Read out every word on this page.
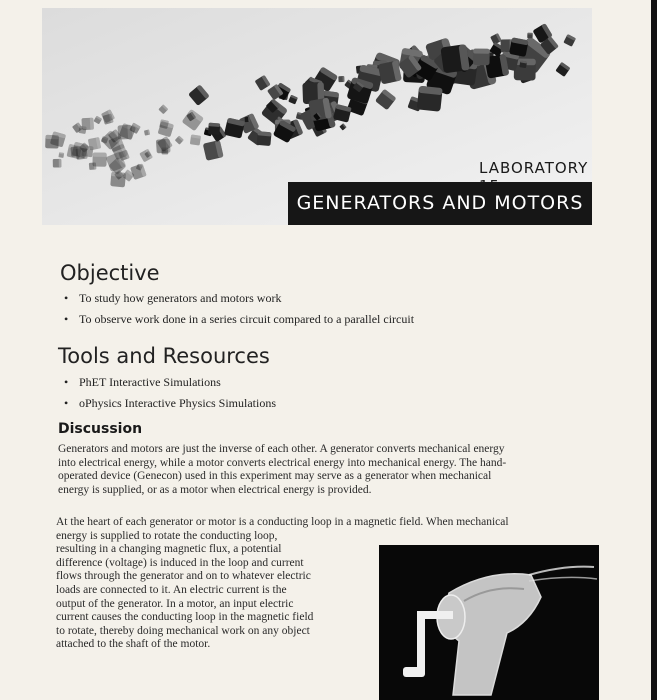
LABORATORY
GENERATORS AND MOTORS
Objective
• To study how generators and motors work
• To observe work done in a series circuit compared to a parallel circuit
Tools and Resources
• PhET Interactive Simulations
• oPhysics Interactive Physics Simulations
Discussion
Generators and motors are just the inverse of each other. A generator converts mechanical energy
into electrical energy, while a motor converts electrical energy into mechanical energy. The hand-
operated device (Genecon) used in this experiment may serve as a generator when mechanical
energy is supplied, or as a motor when electrical energy is provided.
At the heart of each generator or motor is a conducting loop in a magnetic field. When mechanical
energy is supplied to rotate the conducting loop,
resulting in a changing magnetic flux, a potential
difference (voltage) is induced in the loop and current
flows through the generator and on to whatever electric
loads are connected to it. An electric current is the
output of the generator. In a motor, an input electric
current causes the conducting loop in the magnetic field
to rotate, thereby doing mechanical work on any object
attached to the shaft of the motor.
